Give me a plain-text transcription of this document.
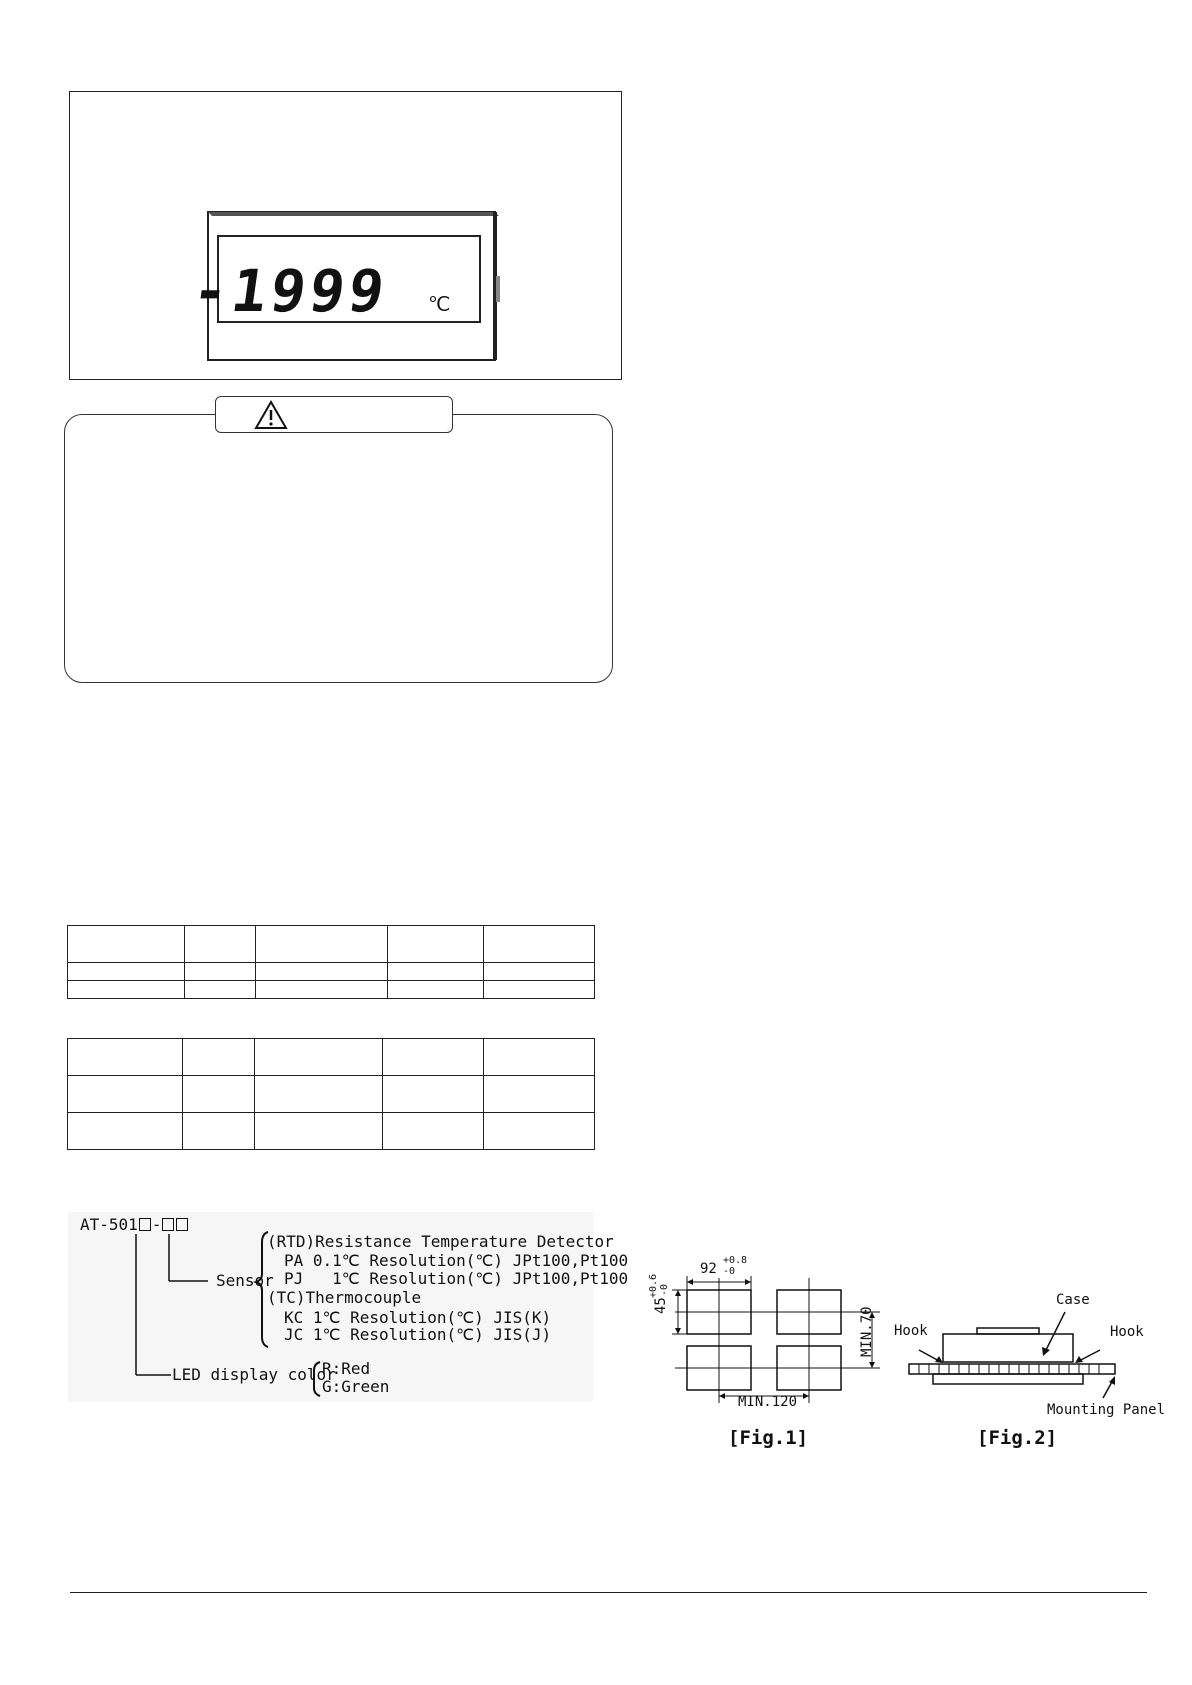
-1999 ℃

AT-501 -
Sensor
LED display color
(RTD)Resistance Temperature Detector
PA 0.1℃ Resolution(℃) JPt100,Pt100
PJ   1℃ Resolution(℃) JPt100,Pt100
(TC)Thermocouple
KC 1℃ Resolution(℃) JIS(K)
JC 1℃ Resolution(℃) JIS(J)
R:Red
G:Green
92
+0.8
-0
45
+0.6 -0
MIN.70
MIN.120
[Fig.1]
Case
Hook	Hook
Mounting Panel
[Fig.2]
